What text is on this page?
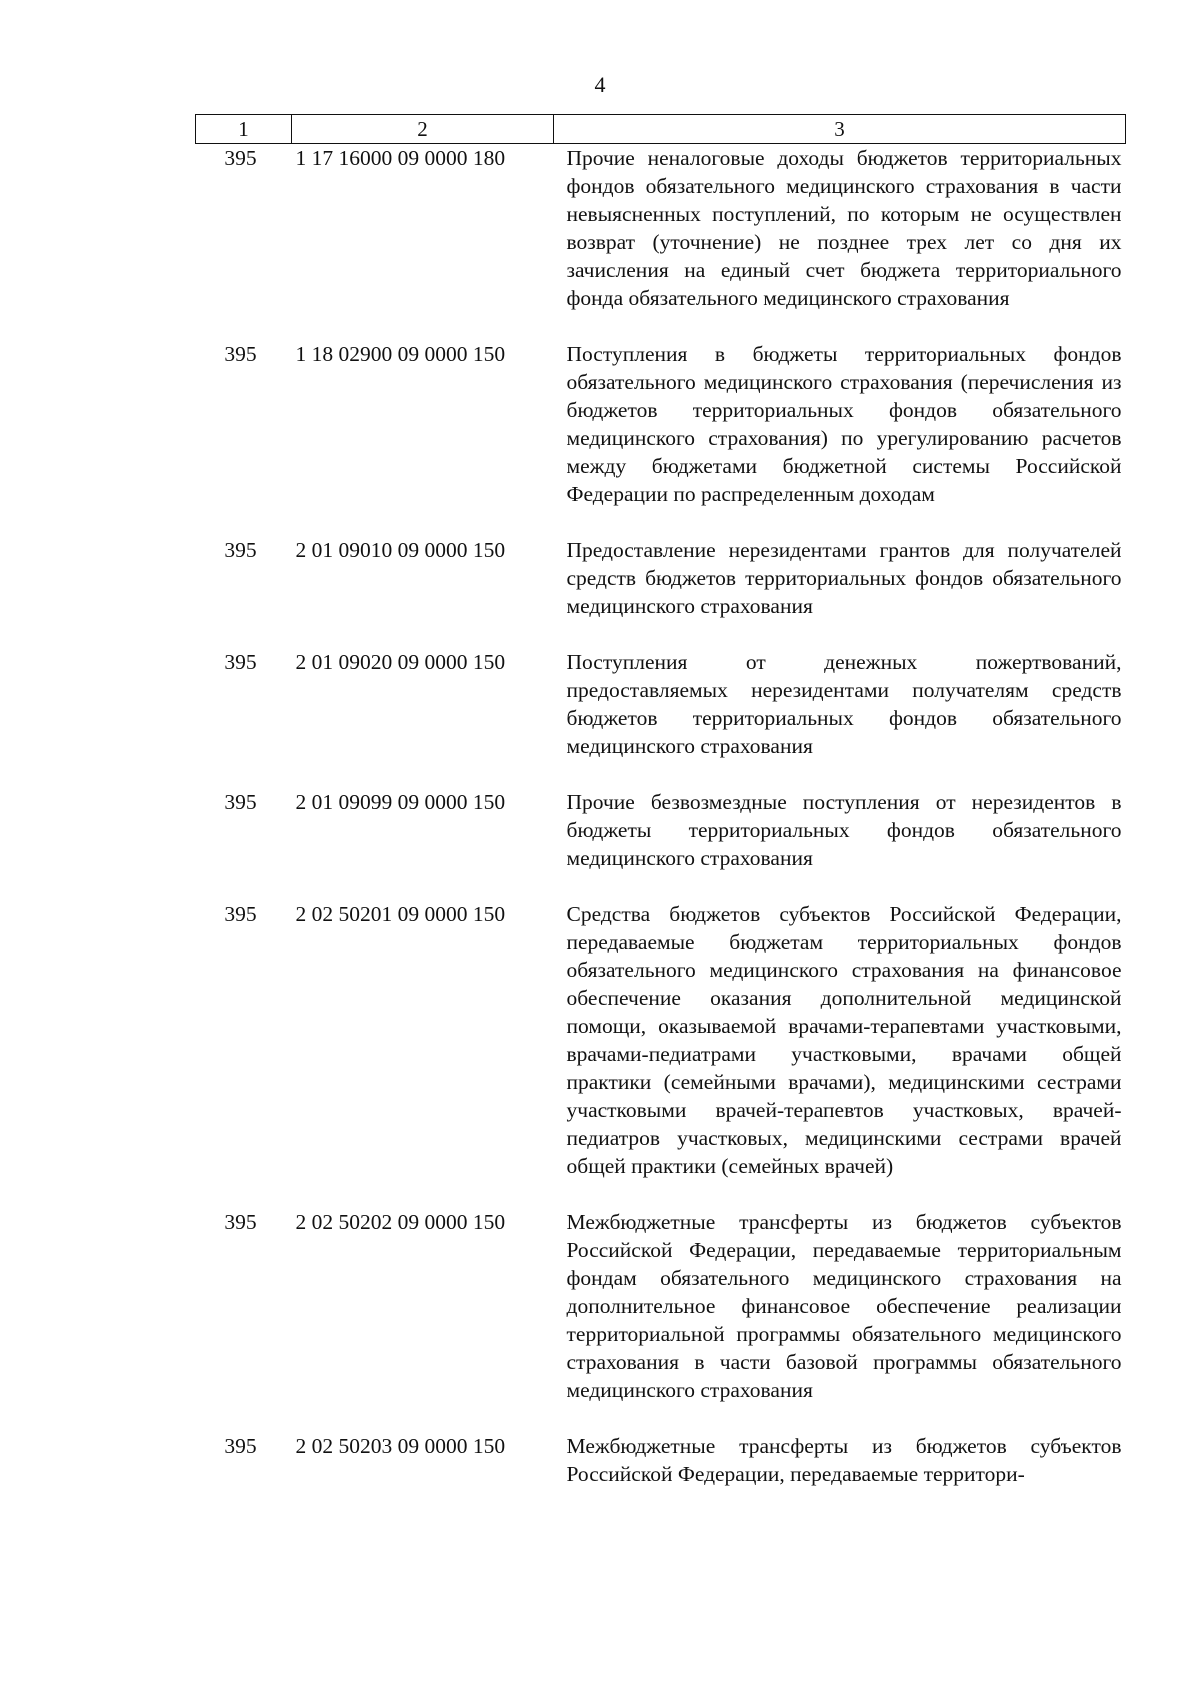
4
1	2	3
395	1 17 16000 09 0000 180	Прочие неналоговые доходы бюджетов территориальных фондов обязательного медицинского страхования в части невыясненных поступлений, по которым не осуществлен возврат (уточнение) не позднее трех лет со дня их зачисления на единый счет бюджета территориального фонда обязательного медицинского страхования
395	1 18 02900 09 0000 150	Поступления в бюджеты территориальных фондов обязательного медицинского страхования (перечисления из бюджетов территориальных фондов обязательного медицинского страхования) по урегулированию расчетов между бюджетами бюджетной системы Российской Федерации по распределенным доходам
395	2 01 09010 09 0000 150	Предоставление нерезидентами грантов для получателей средств бюджетов территориальных фондов обязательного медицинского страхования
395	2 01 09020 09 0000 150	Поступления от денежных пожертвований, предоставляемых нерезидентами получателям средств бюджетов территориальных фондов обязательного медицинского страхования
395	2 01 09099 09 0000 150	Прочие безвозмездные поступления от нерезидентов в бюджеты территориальных фондов обязательного медицинского страхования
395	2 02 50201 09 0000 150	Средства бюджетов субъектов Российской Федерации, передаваемые бюджетам территориальных фондов обязательного медицинского страхования на финансовое обеспечение оказания дополнительной медицинской помощи, оказываемой врачами-терапевтами участковыми, врачами-педиатрами участковыми, врачами общей практики (семейными врачами), медицинскими сестрами участковыми врачей-терапевтов участковых, врачей-педиатров участковых, медицинскими сестрами врачей общей практики (семейных врачей)
395	2 02 50202 09 0000 150	Межбюджетные трансферты из бюджетов субъектов Российской Федерации, передаваемые территориальным фондам обязательного медицинского страхования на дополнительное финансовое обеспечение реализации территориальной программы обязательного медицинского страхования в части базовой программы обязательного медицинского страхования
395	2 02 50203 09 0000 150	Межбюджетные трансферты из бюджетов субъектов Российской Федерации, передаваемые территори-
